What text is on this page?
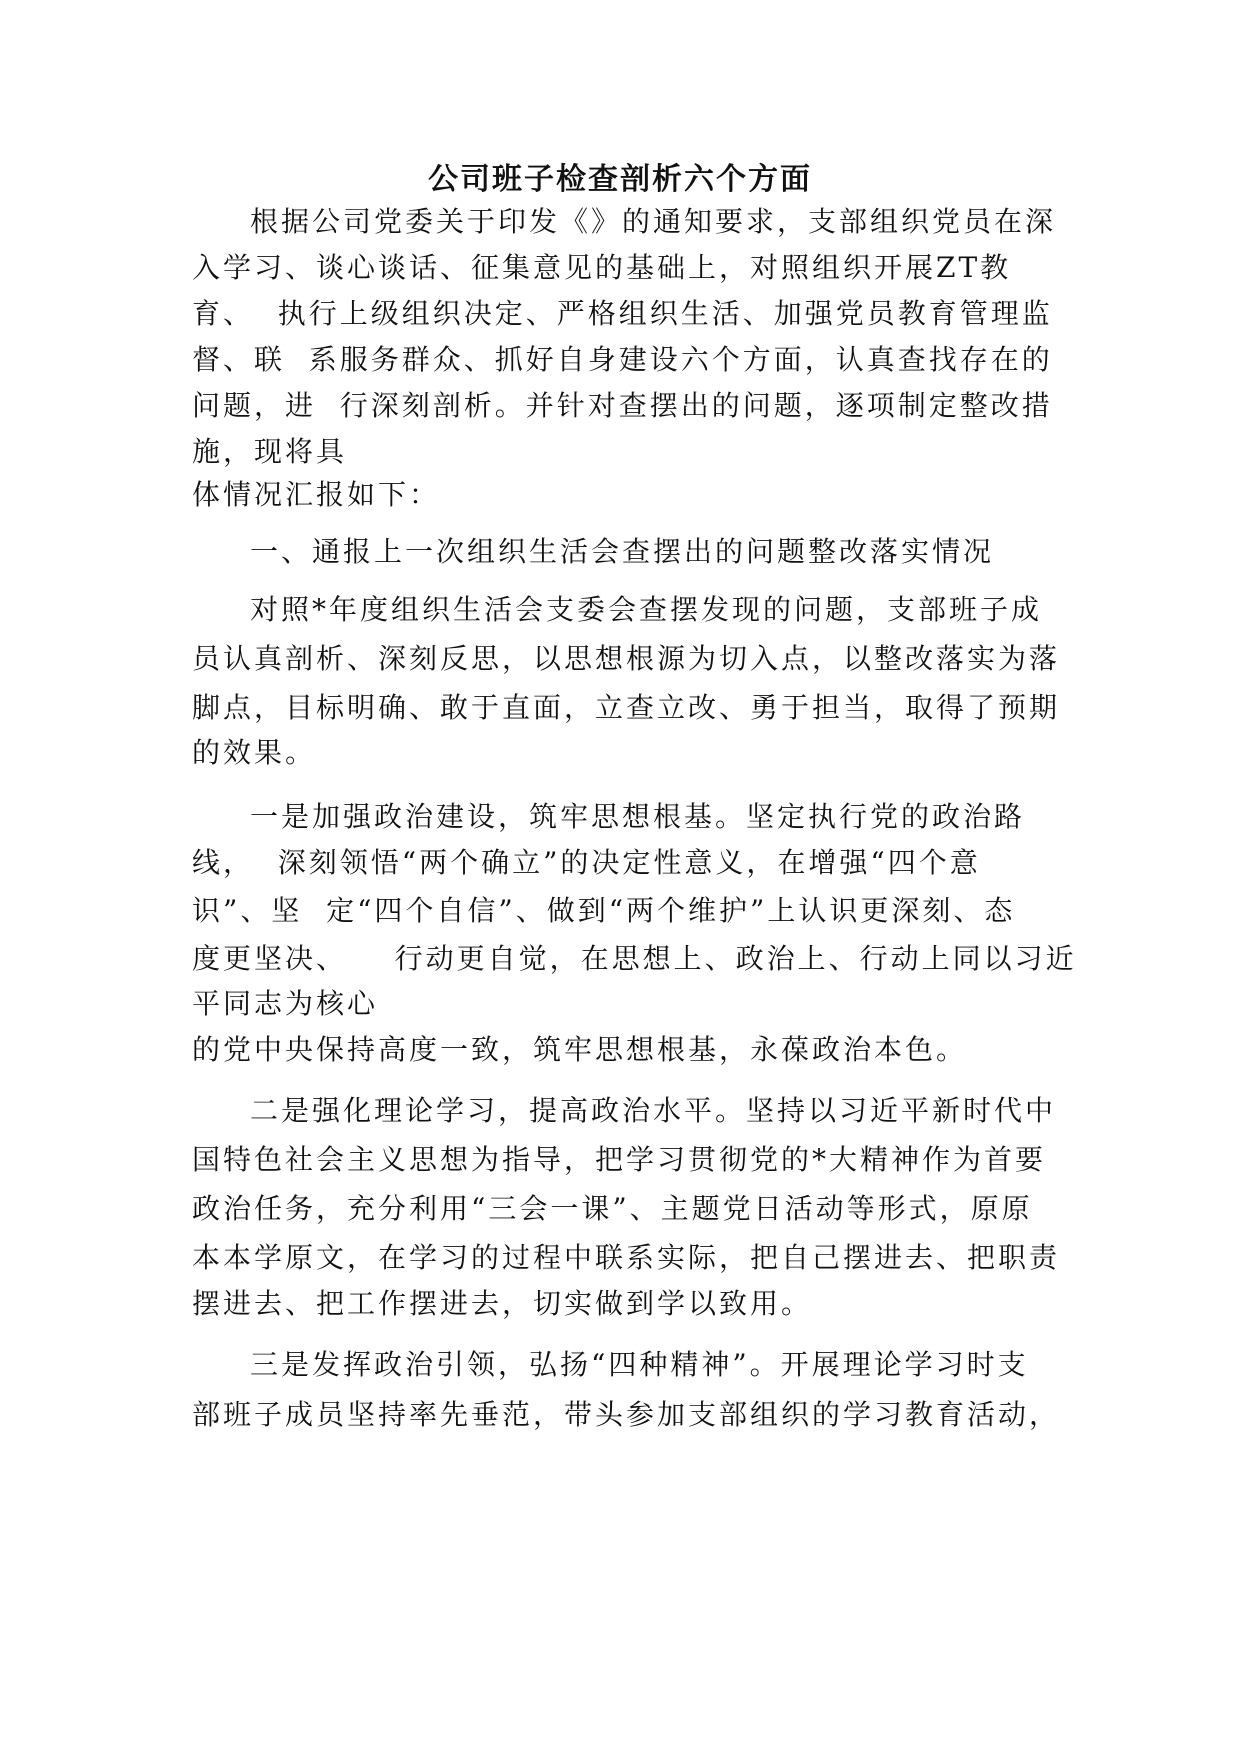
公司班子检查剖析六个方面
根据公司党委关于印发《》的通知要求，支部组织党员在深
入学习、谈心谈话、征集意见的基础上，对照组织开展ZT教
育、  执行上级组织决定、严格组织生活、加强党员教育管理监
督、联  系服务群众、抓好自身建设六个方面，认真查找存在的
问题，进  行深刻剖析。并针对查摆出的问题，逐项制定整改措
施，现将具
体情况汇报如下：
一、通报上一次组织生活会查摆出的问题整改落实情况
对照*年度组织生活会支委会查摆发现的问题，支部班子成
员认真剖析、深刻反思，以思想根源为切入点，以整改落实为落
脚点，目标明确、敢于直面，立查立改、勇于担当，取得了预期
的效果。
一是加强政治建设，筑牢思想根基。坚定执行党的政治路
线，  深刻领悟“两个确立”的决定性意义，在增强“四个意
识”、坚  定“四个自信”、做到“两个维护”上认识更深刻、态
度更坚决、    行动更自觉，在思想上、政治上、行动上同以习近
平同志为核心
的党中央保持高度一致，筑牢思想根基，永葆政治本色。
二是强化理论学习，提高政治水平。坚持以习近平新时代中
国特色社会主义思想为指导，把学习贯彻党的*大精神作为首要
政治任务，充分利用“三会一课”、主题党日活动等形式，原原
本本学原文，在学习的过程中联系实际，把自己摆进去、把职责
摆进去、把工作摆进去，切实做到学以致用。
三是发挥政治引领，弘扬“四种精神”。开展理论学习时支
部班子成员坚持率先垂范，带头参加支部组织的学习教育活动，
